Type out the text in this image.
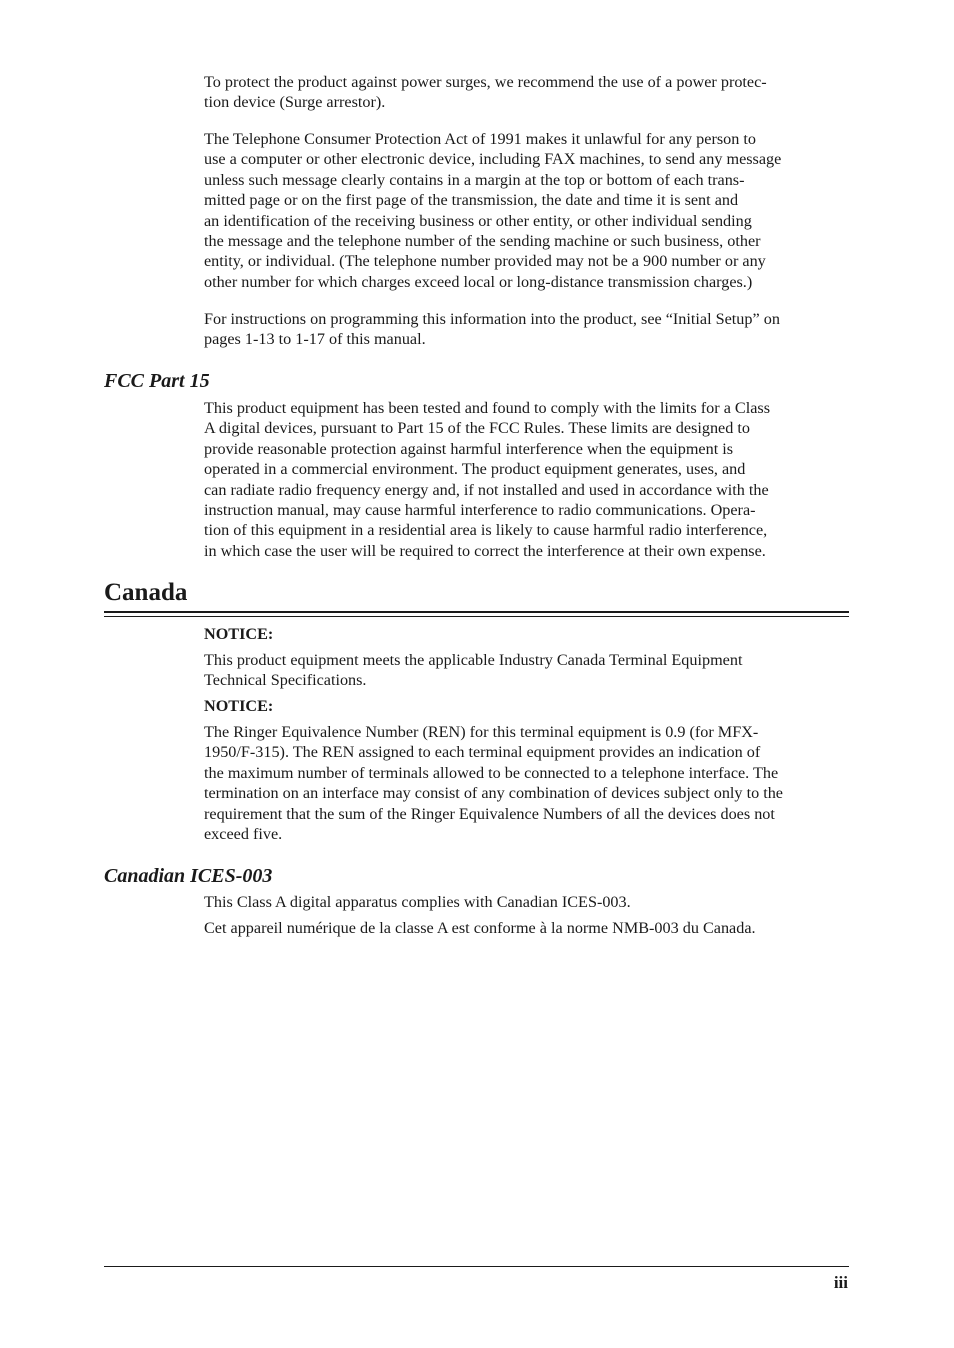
To protect the product against power surges, we recommend the use of a power protec-
tion device (Surge arrestor).
The Telephone Consumer Protection Act of 1991 makes it unlawful for any person to
use a computer or other electronic device, including FAX machines, to send any message
unless such message clearly contains in a margin at the top or bottom of each trans-
mitted page or on the first page of the transmission, the date and time it is sent and
an identification of the receiving business or other entity, or other individual sending
the message and the telephone number of the sending machine or such business, other
entity, or individual. (The telephone number provided may not be a 900 number or any
other number for which charges exceed local or long-distance transmission charges.)
For instructions on programming this information into the product, see “Initial Setup” on
pages 1-13 to 1-17 of this manual.
FCC Part 15
This product equipment has been tested and found to comply with the limits for a Class
A digital devices, pursuant to Part 15 of the FCC Rules. These limits are designed to
provide reasonable protection against harmful interference when the equipment is
operated in a commercial environment. The product equipment generates, uses, and
can radiate radio frequency energy and, if not installed and used in accordance with the
instruction manual, may cause harmful interference to radio communications. Opera-
tion of this equipment in a residential area is likely to cause harmful radio interference,
in which case the user will be required to correct the interference at their own expense.
Canada
NOTICE:
This product equipment meets the applicable Industry Canada Terminal Equipment
Technical Specifications.
NOTICE:
The Ringer Equivalence Number (REN) for this terminal equipment is 0.9 (for MFX-
1950/F-315). The REN assigned to each terminal equipment provides an indication of
the maximum number of terminals allowed to be connected to a telephone interface. The
termination on an interface may consist of any combination of devices subject only to the
requirement that the sum of the Ringer Equivalence Numbers of all the devices does not
exceed five.
Canadian ICES-003
This Class A digital apparatus complies with Canadian ICES-003.
Cet appareil numérique de la classe A est conforme à la norme NMB-003 du Canada.
iii
